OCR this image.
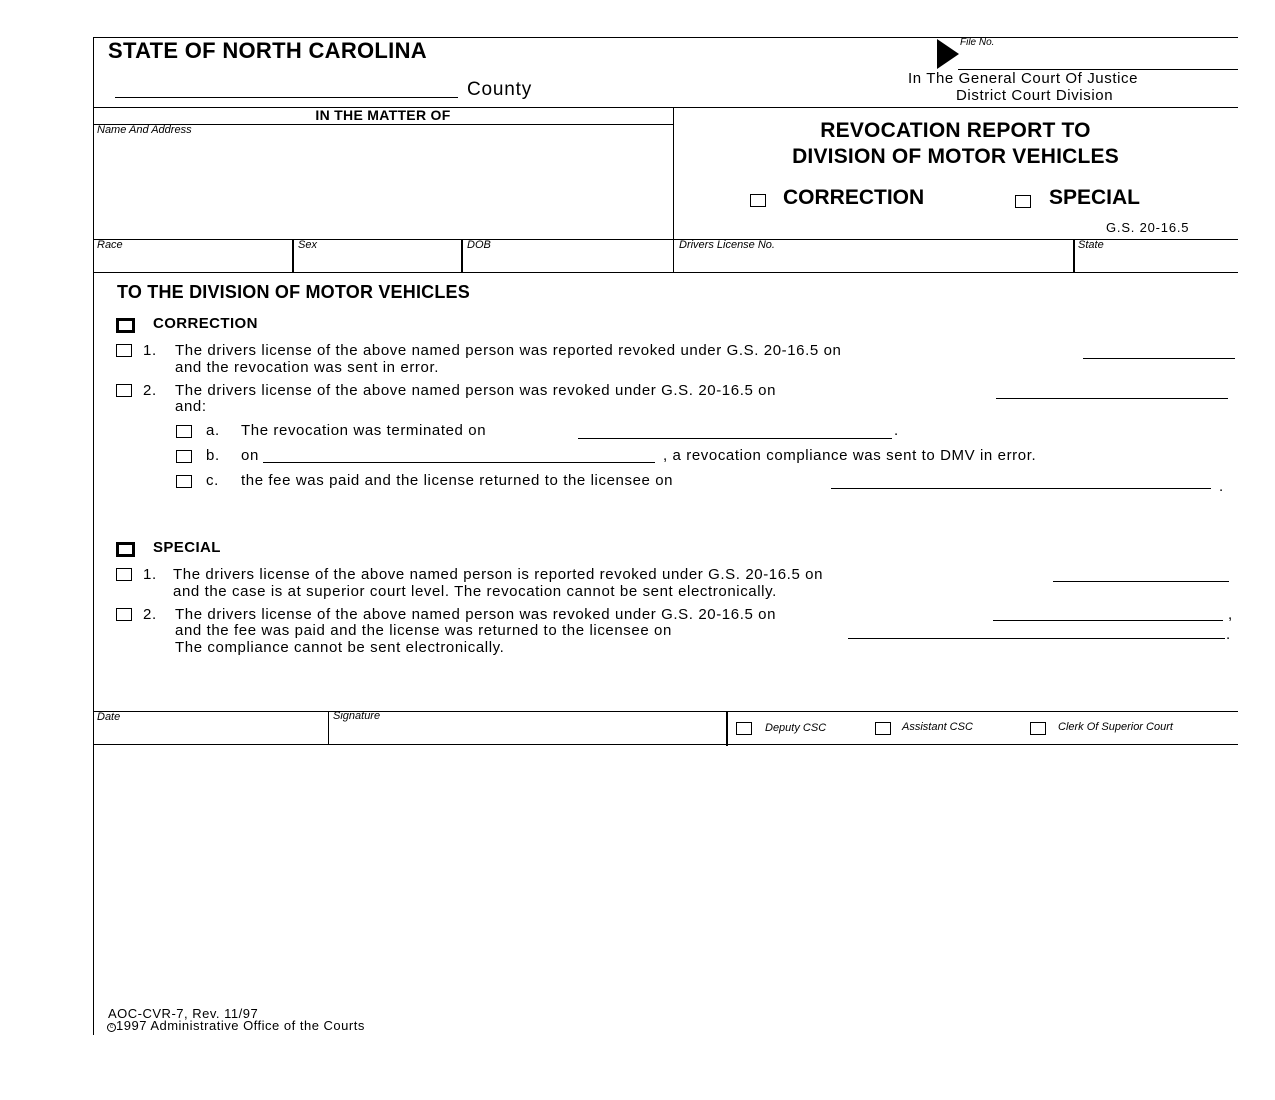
STATE OF NORTH CAROLINA
County
File No.
In The General Court Of Justice
District Court Division
IN THE MATTER OF
Name And Address	REVOCATION REPORT TO
DIVISION OF MOTOR VEHICLES
CORRECTION	SPECIAL
G.S. 20-16.5
Race	Sex	DOB	Drivers License No.	State
TO THE DIVISION OF MOTOR VEHICLES
CORRECTION
1. The drivers license of the above named person was reported revoked under G.S. 20-16.5 on
and the revocation was sent in error.
2. The drivers license of the above named person was revoked under G.S. 20-16.5 on
and:
a. The revocation was terminated on	.
b. on	, a revocation compliance was sent to DMV in error.
c. the fee was paid and the license returned to the licensee on	.
SPECIAL
1. The drivers license of the above named person is reported revoked under G.S. 20-16.5 on
and the case is at superior court level. The revocation cannot be sent electronically.
2. The drivers license of the above named person was revoked under G.S. 20-16.5 on	,
and the fee was paid and the license was returned to the licensee on	.
The compliance cannot be sent electronically.
Date	Signature
Deputy CSC	Assistant CSC	Clerk Of Superior Court
AOC-CVR-7, Rev. 11/97
c 1997 Administrative Office of the Courts
